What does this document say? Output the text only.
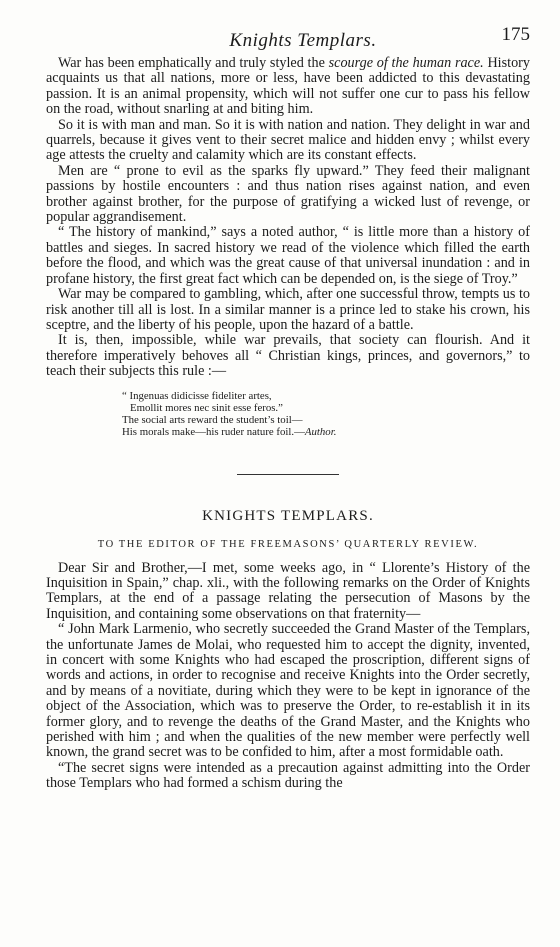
Knights Templars.	175

War has been emphatically and truly styled the scourge of the human race. History acquaints us that all nations, more or less, have been addicted to this devastating passion. It is an animal propensity, which will not suffer one cur to pass his fellow on the road, without snarling at and biting him.

So it is with man and man. So it is with nation and nation. They delight in war and quarrels, because it gives vent to their secret malice and hidden envy ; whilst every age attests the cruelty and calamity which are its constant effects.

Men are “ prone to evil as the sparks fly upward.” They feed their malignant passions by hostile encounters : and thus nation rises against nation, and even brother against brother, for the purpose of gratifying a wicked lust of revenge, or popular aggrandisement.

“ The history of mankind,” says a noted author, “ is little more than a history of battles and sieges. In sacred history we read of the violence which filled the earth before the flood, and which was the great cause of that universal inundation : and in profane history, the first great fact which can be depended on, is the siege of Troy.”

War may be compared to gambling, which, after one successful throw, tempts us to risk another till all is lost. In a similar manner is a prince led to stake his crown, his sceptre, and the liberty of his people, upon the hazard of a battle.

It is, then, impossible, while war prevails, that society can flourish. And it therefore imperatively behoves all “ Christian kings, princes, and governors,” to teach their subjects this rule :—

“ Ingenuas didicisse fideliter artes,
Emollit mores nec sinit esse feros.”
The social arts reward the student’s toil—
His morals make—his ruder nature foil.—Author.
KNIGHTS TEMPLARS.
TO THE EDITOR OF THE FREEMASONS’ QUARTERLY REVIEW.

Dear Sir and Brother,—I met, some weeks ago, in “ Llorente’s History of the Inquisition in Spain,” chap. xli., with the following remarks on the Order of Knights Templars, at the end of a passage relating the persecution of Masons by the Inquisition, and containing some observations on that fraternity—

“ John Mark Larmenio, who secretly succeeded the Grand Master of the Templars, the unfortunate James de Molai, who requested him to accept the dignity, invented, in concert with some Knights who had escaped the proscription, different signs of words and actions, in order to recognise and receive Knights into the Order secretly, and by means of a novitiate, during which they were to be kept in ignorance of the object of the Association, which was to preserve the Order, to re-establish it in its former glory, and to revenge the deaths of the Grand Master, and the Knights who perished with him ; and when the qualities of the new member were perfectly well known, the grand secret was to be confided to him, after a most formidable oath.

“The secret signs were intended as a precaution against admitting into the Order those Templars who had formed a schism during the
